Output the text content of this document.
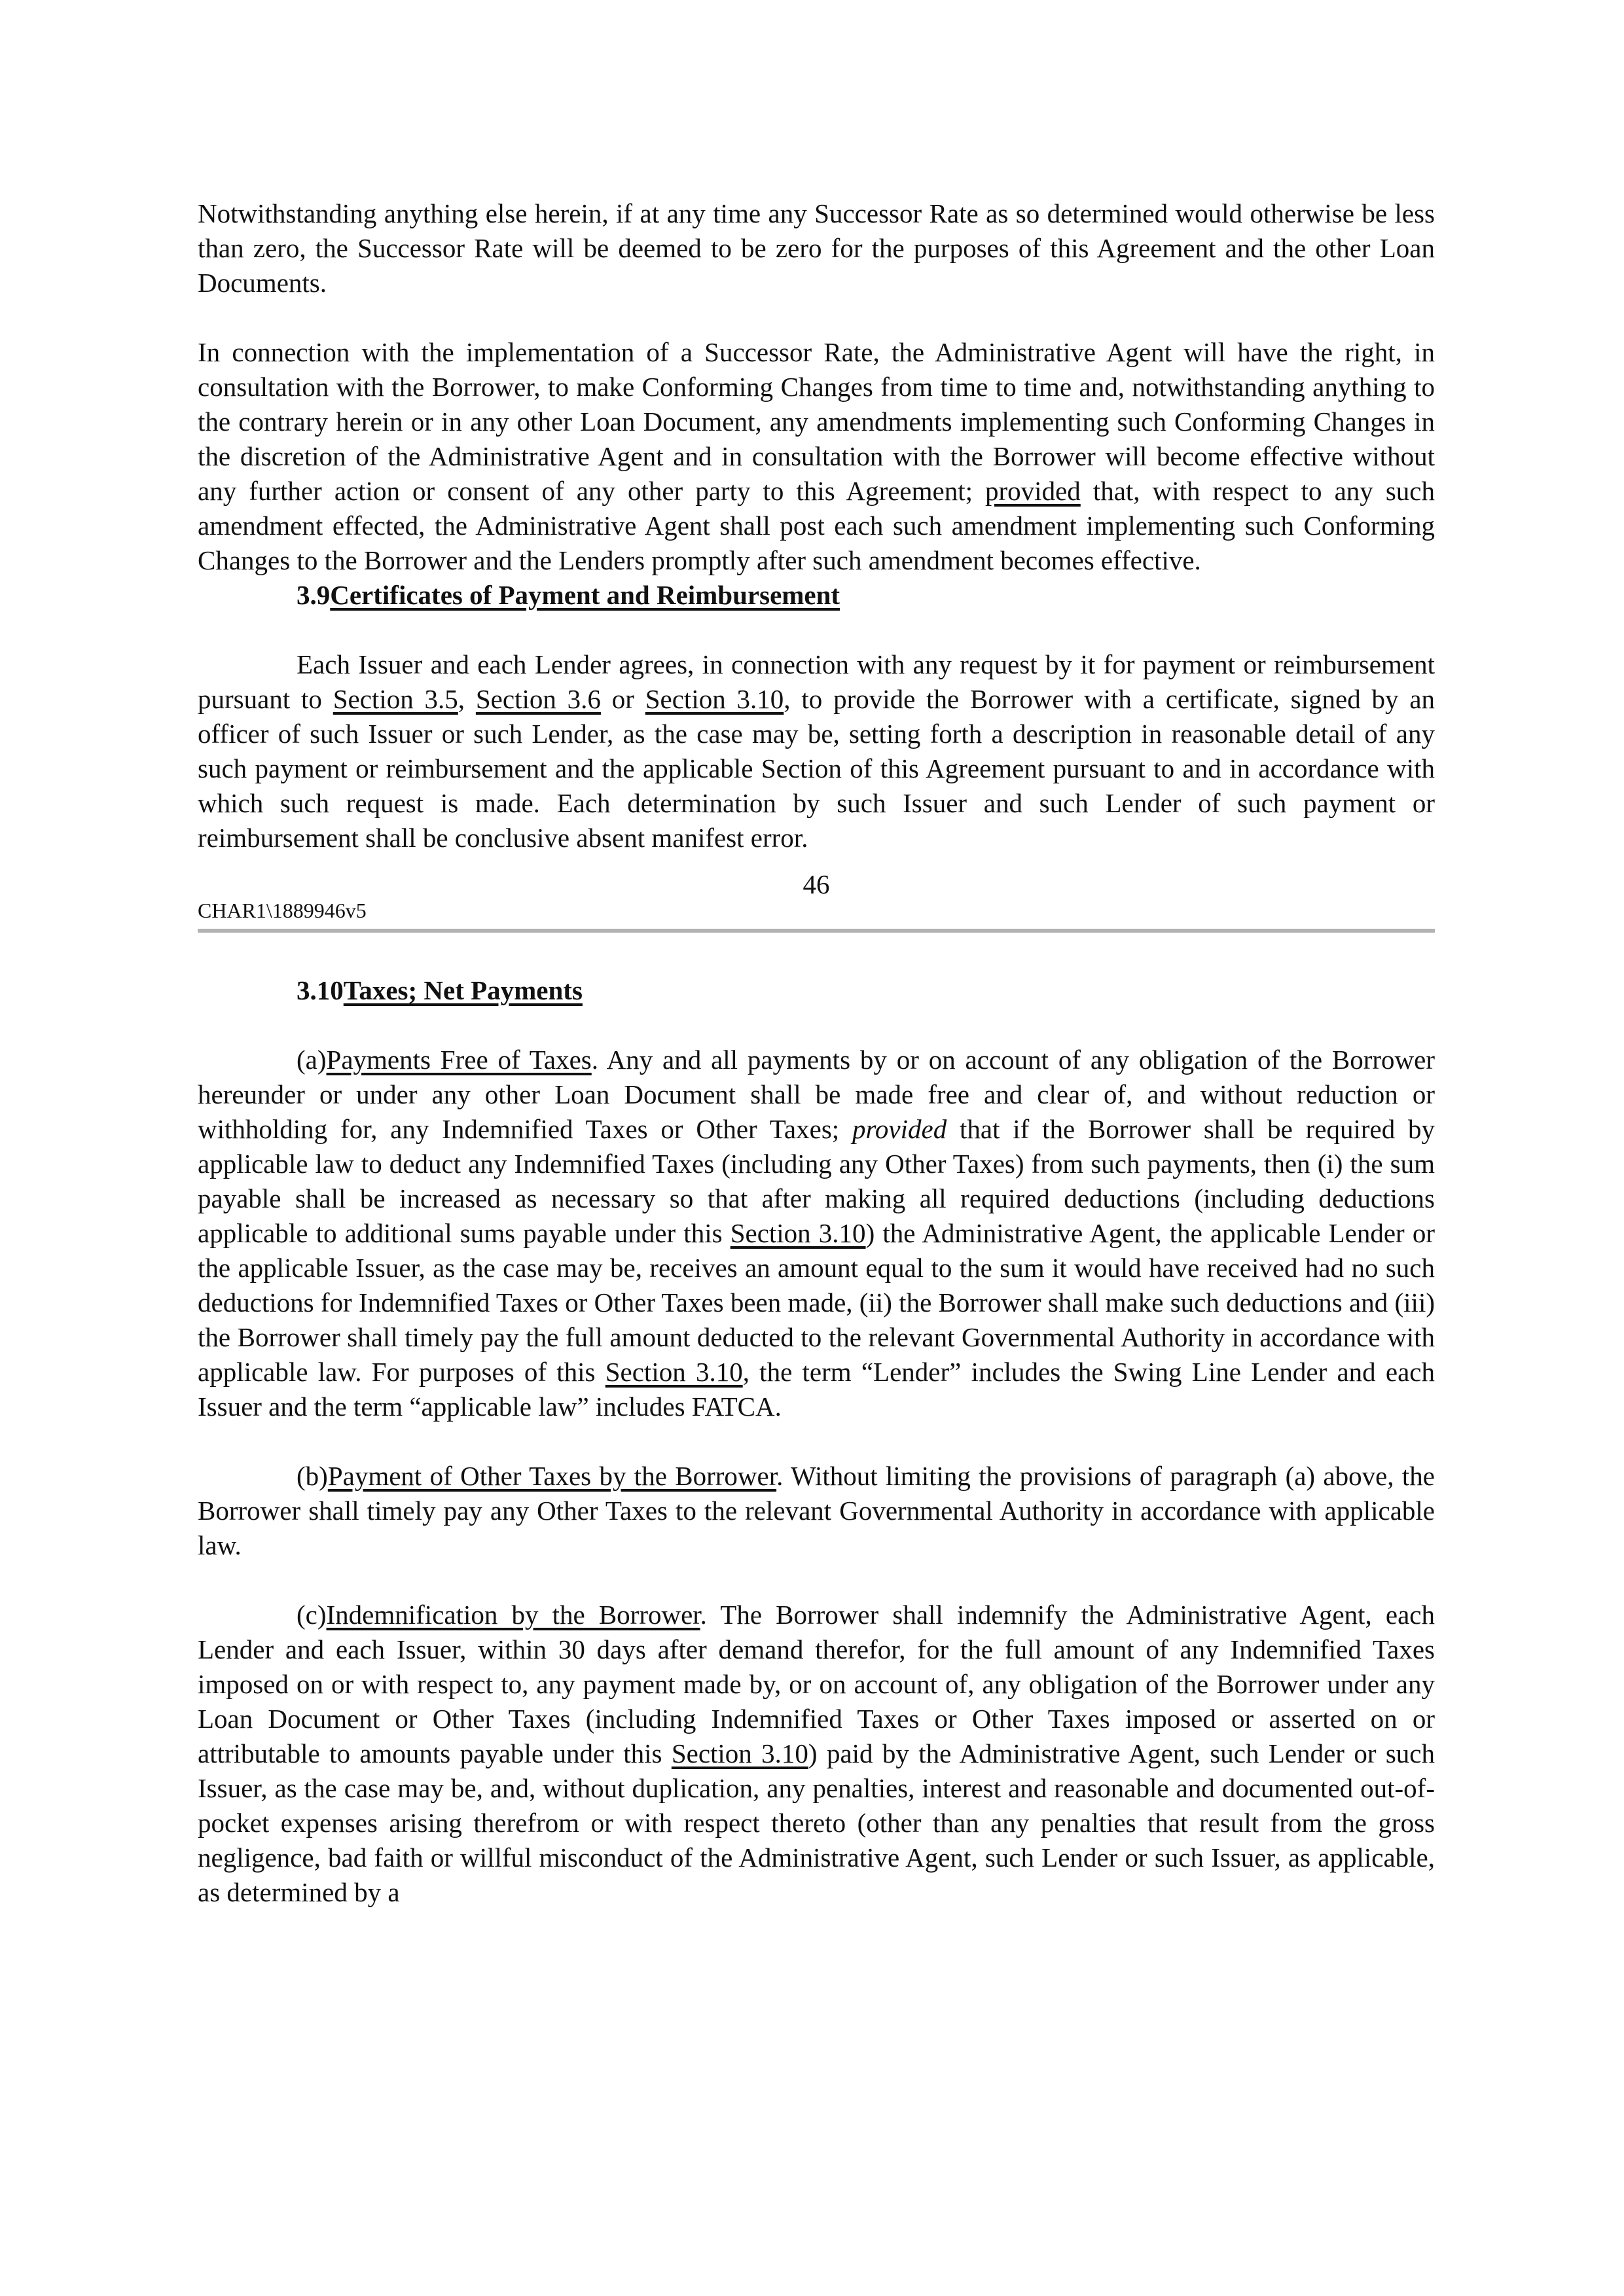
Notwithstanding anything else herein, if at any time any Successor Rate as so determined would otherwise be less than zero, the Successor Rate will be deemed to be zero for the purposes of this Agreement and the other Loan Documents.

In connection with the implementation of a Successor Rate, the Administrative Agent will have the right, in consultation with the Borrower, to make Conforming Changes from time to time and, notwithstanding anything to the contrary herein or in any other Loan Document, any amendments implementing such Conforming Changes in the discretion of the Administrative Agent and in consultation with the Borrower will become effective without any further action or consent of any other party to this Agreement; provided that, with respect to any such amendment effected, the Administrative Agent shall post each such amendment implementing such Conforming Changes to the Borrower and the Lenders promptly after such amendment becomes effective.

3.9Certificates of Payment and Reimbursement

Each Issuer and each Lender agrees, in connection with any request by it for payment or reimbursement pursuant to Section 3.5, Section 3.6 or Section 3.10, to provide the Borrower with a certificate, signed by an officer of such Issuer or such Lender, as the case may be, setting forth a description in reasonable detail of any such payment or reimbursement and the applicable Section of this Agreement pursuant to and in accordance with which such request is made. Each determination by such Issuer and such Lender of such payment or reimbursement shall be conclusive absent manifest error.

46
CHAR1\1889946v5

3.10Taxes; Net Payments

(a)Payments Free of Taxes. Any and all payments by or on account of any obligation of the Borrower hereunder or under any other Loan Document shall be made free and clear of, and without reduction or withholding for, any Indemnified Taxes or Other Taxes; provided that if the Borrower shall be required by applicable law to deduct any Indemnified Taxes (including any Other Taxes) from such payments, then (i) the sum payable shall be increased as necessary so that after making all required deductions (including deductions applicable to additional sums payable under this Section 3.10) the Administrative Agent, the applicable Lender or the applicable Issuer, as the case may be, receives an amount equal to the sum it would have received had no such deductions for Indemnified Taxes or Other Taxes been made, (ii) the Borrower shall make such deductions and (iii) the Borrower shall timely pay the full amount deducted to the relevant Governmental Authority in accordance with applicable law. For purposes of this Section 3.10, the term “Lender” includes the Swing Line Lender and each Issuer and the term “applicable law” includes FATCA.

(b)Payment of Other Taxes by the Borrower. Without limiting the provisions of paragraph (a) above, the Borrower shall timely pay any Other Taxes to the relevant Governmental Authority in accordance with applicable law.

(c)Indemnification by the Borrower. The Borrower shall indemnify the Administrative Agent, each Lender and each Issuer, within 30 days after demand therefor, for the full amount of any Indemnified Taxes imposed on or with respect to, any payment made by, or on account of, any obligation of the Borrower under any Loan Document or Other Taxes (including Indemnified Taxes or Other Taxes imposed or asserted on or attributable to amounts payable under this Section 3.10) paid by the Administrative Agent, such Lender or such Issuer, as the case may be, and, without duplication, any penalties, interest and reasonable and documented out-of-pocket expenses arising therefrom or with respect thereto (other than any penalties that result from the gross negligence, bad faith or willful misconduct of the Administrative Agent, such Lender or such Issuer, as applicable, as determined by a
